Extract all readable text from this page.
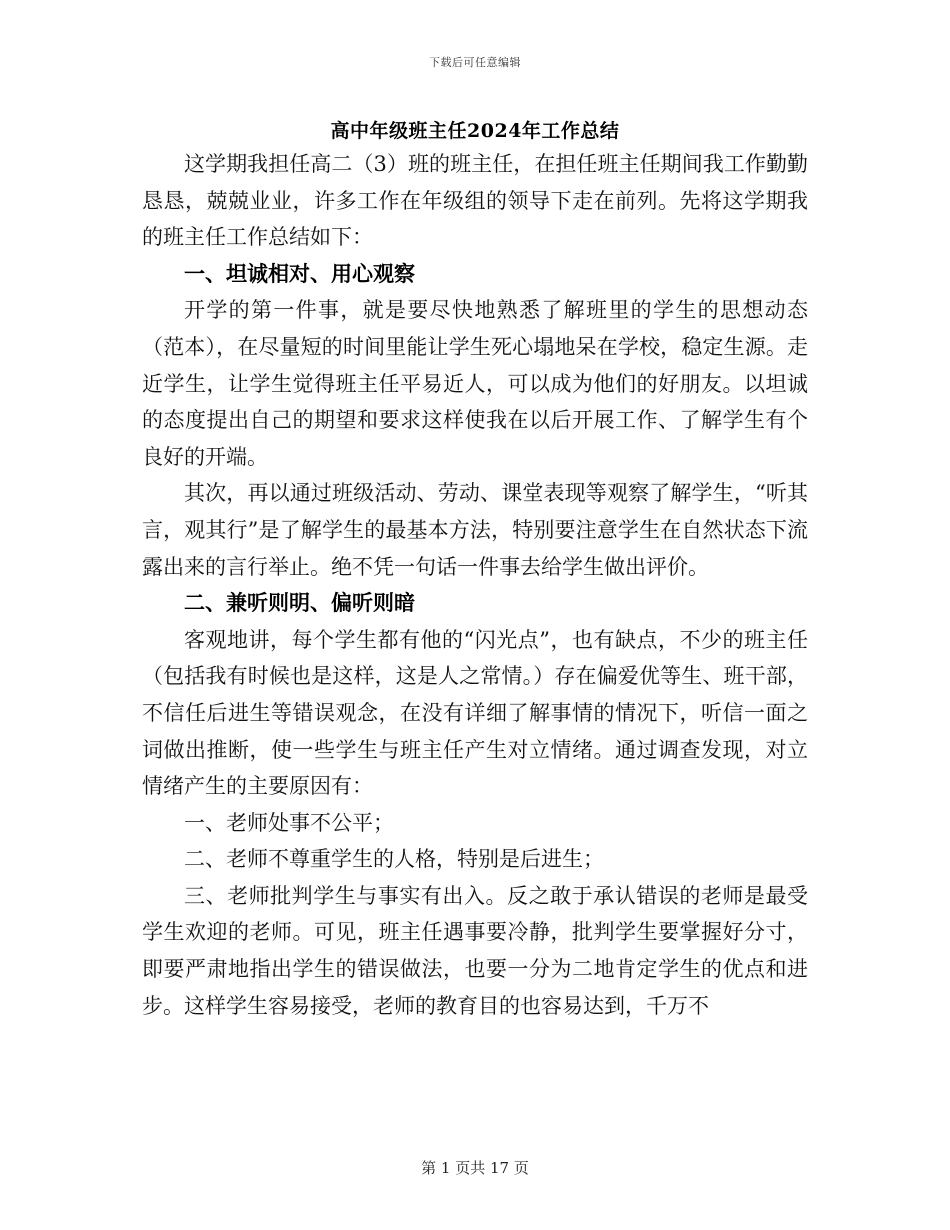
下载后可任意编辑
高中年级班主任2024年工作总结

这学期我担任高二（3）班的班主任，在担任班主任期间我工作勤勤恳恳，兢兢业业，许多工作在年级组的领导下走在前列。先将这学期我的班主任工作总结如下：

一、坦诚相对、用心观察

开学的第一件事，就是要尽快地熟悉了解班里的学生的思想动态（范本），在尽量短的时间里能让学生死心塌地呆在学校，稳定生源。走近学生，让学生觉得班主任平易近人，可以成为他们的好朋友。以坦诚的态度提出自己的期望和要求这样使我在以后开展工作、了解学生有个良好的开端。

其次，再以通过班级活动、劳动、课堂表现等观察了解学生，“听其言，观其行”是了解学生的最基本方法，特别要注意学生在自然状态下流露出来的言行举止。绝不凭一句话一件事去给学生做出评价。

二、兼听则明、偏听则暗

客观地讲，每个学生都有他的“闪光点”，也有缺点，不少的班主任（包括我有时候也是这样，这是人之常情。）存在偏爱优等生、班干部，不信任后进生等错误观念，在没有详细了解事情的情况下，听信一面之词做出推断，使一些学生与班主任产生对立情绪。通过调查发现，对立情绪产生的主要原因有：

一、老师处事不公平；

二、老师不尊重学生的人格，特别是后进生；

三、老师批判学生与事实有出入。反之敢于承认错误的老师是最受学生欢迎的老师。可见，班主任遇事要冷静，批判学生要掌握好分寸，即要严肃地指出学生的错误做法，也要一分为二地肯定学生的优点和进步。这样学生容易接受，老师的教育目的也容易达到，千万不

第 1 页共 17 页
